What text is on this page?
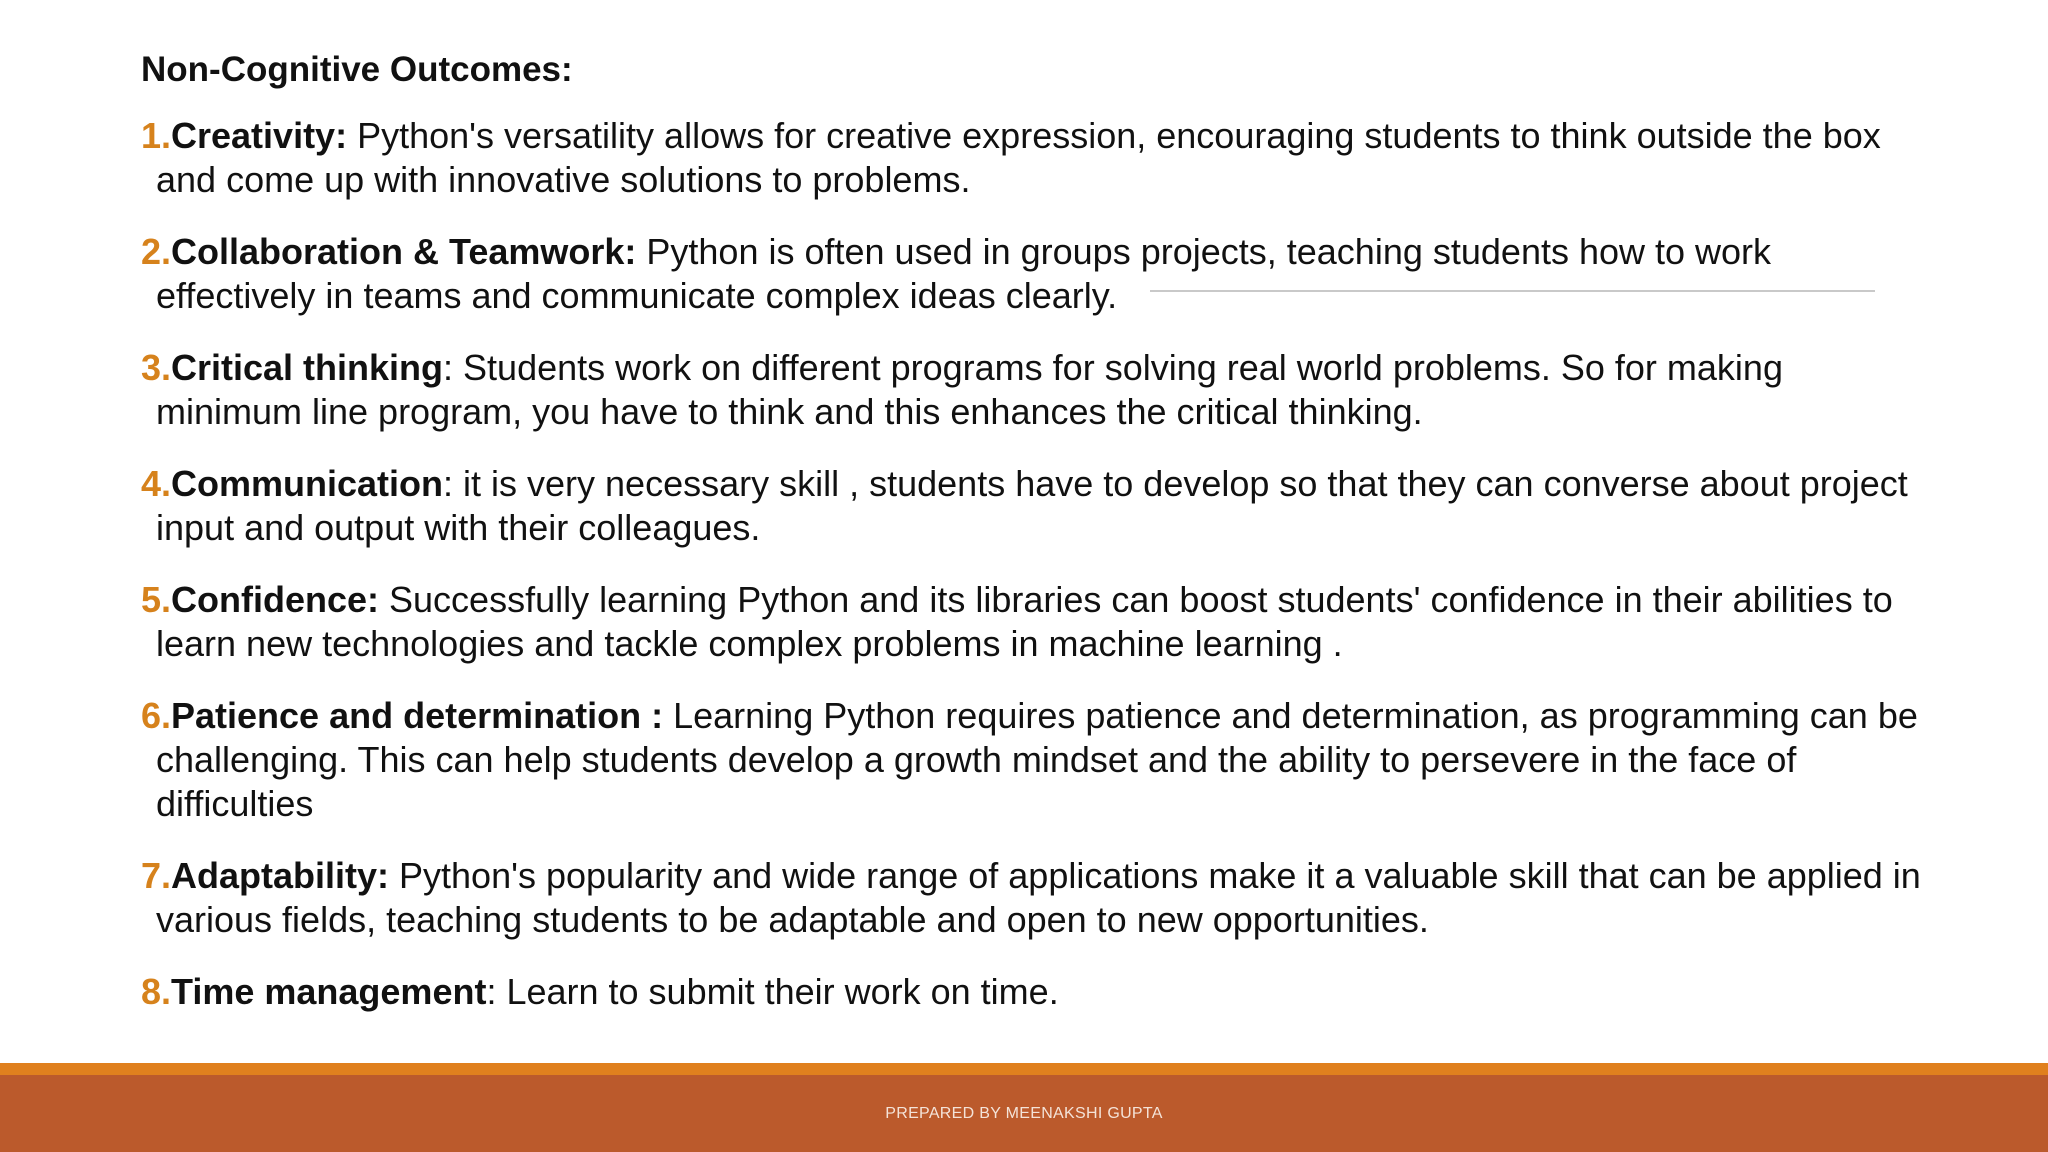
Non-Cognitive Outcomes:
1. Creativity: Python's versatility allows for creative expression, encouraging students to think outside the box and come up with innovative solutions to problems.
2. Collaboration & Teamwork: Python is often used in groups projects, teaching students how to work effectively in teams and communicate complex ideas clearly.
3. Critical thinking: Students work on different programs for solving real world problems. So for making minimum line program, you have to think and this enhances the critical thinking.
4. Communication: it is very necessary skill , students have to develop so that they can converse about project input and output with their colleagues.
5. Confidence: Successfully learning Python and its libraries can boost students' confidence in their abilities to learn new technologies and tackle complex problems in machine learning .
6. Patience and determination : Learning Python requires patience and determination, as programming can be challenging. This can help students develop a growth mindset and the ability to persevere in the face of difficulties
7. Adaptability: Python's popularity and wide range of applications make it a valuable skill that can be applied in various fields, teaching students to be adaptable and open to new opportunities.
8. Time management: Learn to submit their work on time.
PREPARED BY MEENAKSHI GUPTA
